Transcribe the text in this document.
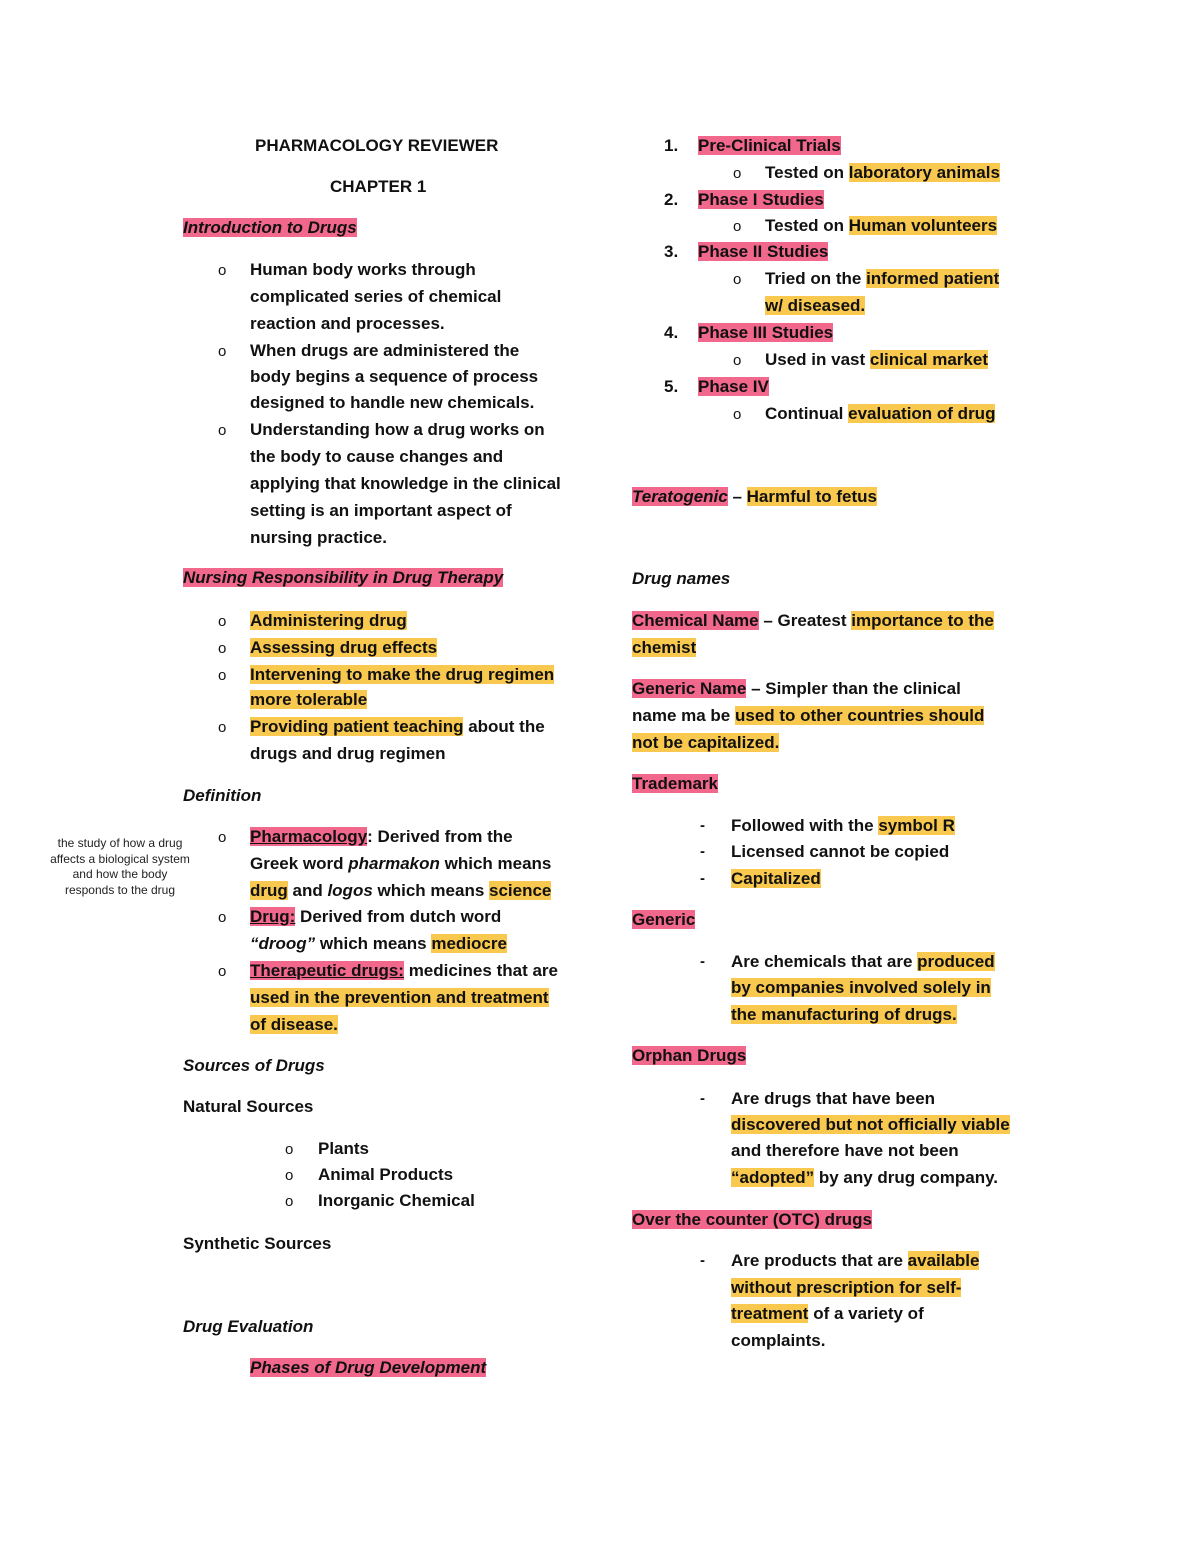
PHARMACOLOGY REVIEWER
CHAPTER 1
Introduction to Drugs
o Human body works through
complicated series of chemical
reaction and processes.
o When drugs are administered the
body begins a sequence of process
designed to handle new chemicals.
o Understanding how a drug works on
the body to cause changes and
applying that knowledge in the clinical
setting is an important aspect of
nursing practice.
Nursing Responsibility in Drug Therapy
o Administering drug
o Assessing drug effects
o Intervening to make the drug regimen
more tolerable
o Providing patient teaching about the
drugs and drug regimen
Definition
the study of how a drug
affects a biological system
and how the body
responds to the drug
o Pharmacology: Derived from the
Greek word pharmakon which means
drug and logos which means science
o Drug: Derived from dutch word
“droog” which means mediocre
o Therapeutic drugs: medicines that are
used in the prevention and treatment
of disease.
Sources of Drugs
Natural Sources
o Plants
o Animal Products
o Inorganic Chemical
Synthetic Sources
Drug Evaluation
Phases of Drug Development
1. Pre-Clinical Trials
o Tested on laboratory animals
2. Phase I Studies
o Tested on Human volunteers
3. Phase II Studies
o Tried on the informed patient
w/ diseased.
4. Phase III Studies
o Used in vast clinical market
5. Phase IV
o Continual evaluation of drug
Teratogenic – Harmful to fetus
Drug names
Chemical Name – Greatest importance to the
chemist
Generic Name – Simpler than the clinical
name ma be used to other countries should
not be capitalized.
Trademark
- Followed with the symbol R
- Licensed cannot be copied
- Capitalized
Generic
- Are chemicals that are produced
by companies involved solely in
the manufacturing of drugs.
Orphan Drugs
- Are drugs that have been
discovered but not officially viable
and therefore have not been
“adopted” by any drug company.
Over the counter (OTC) drugs
- Are products that are available
without prescription for self-
treatment of a variety of
complaints.
